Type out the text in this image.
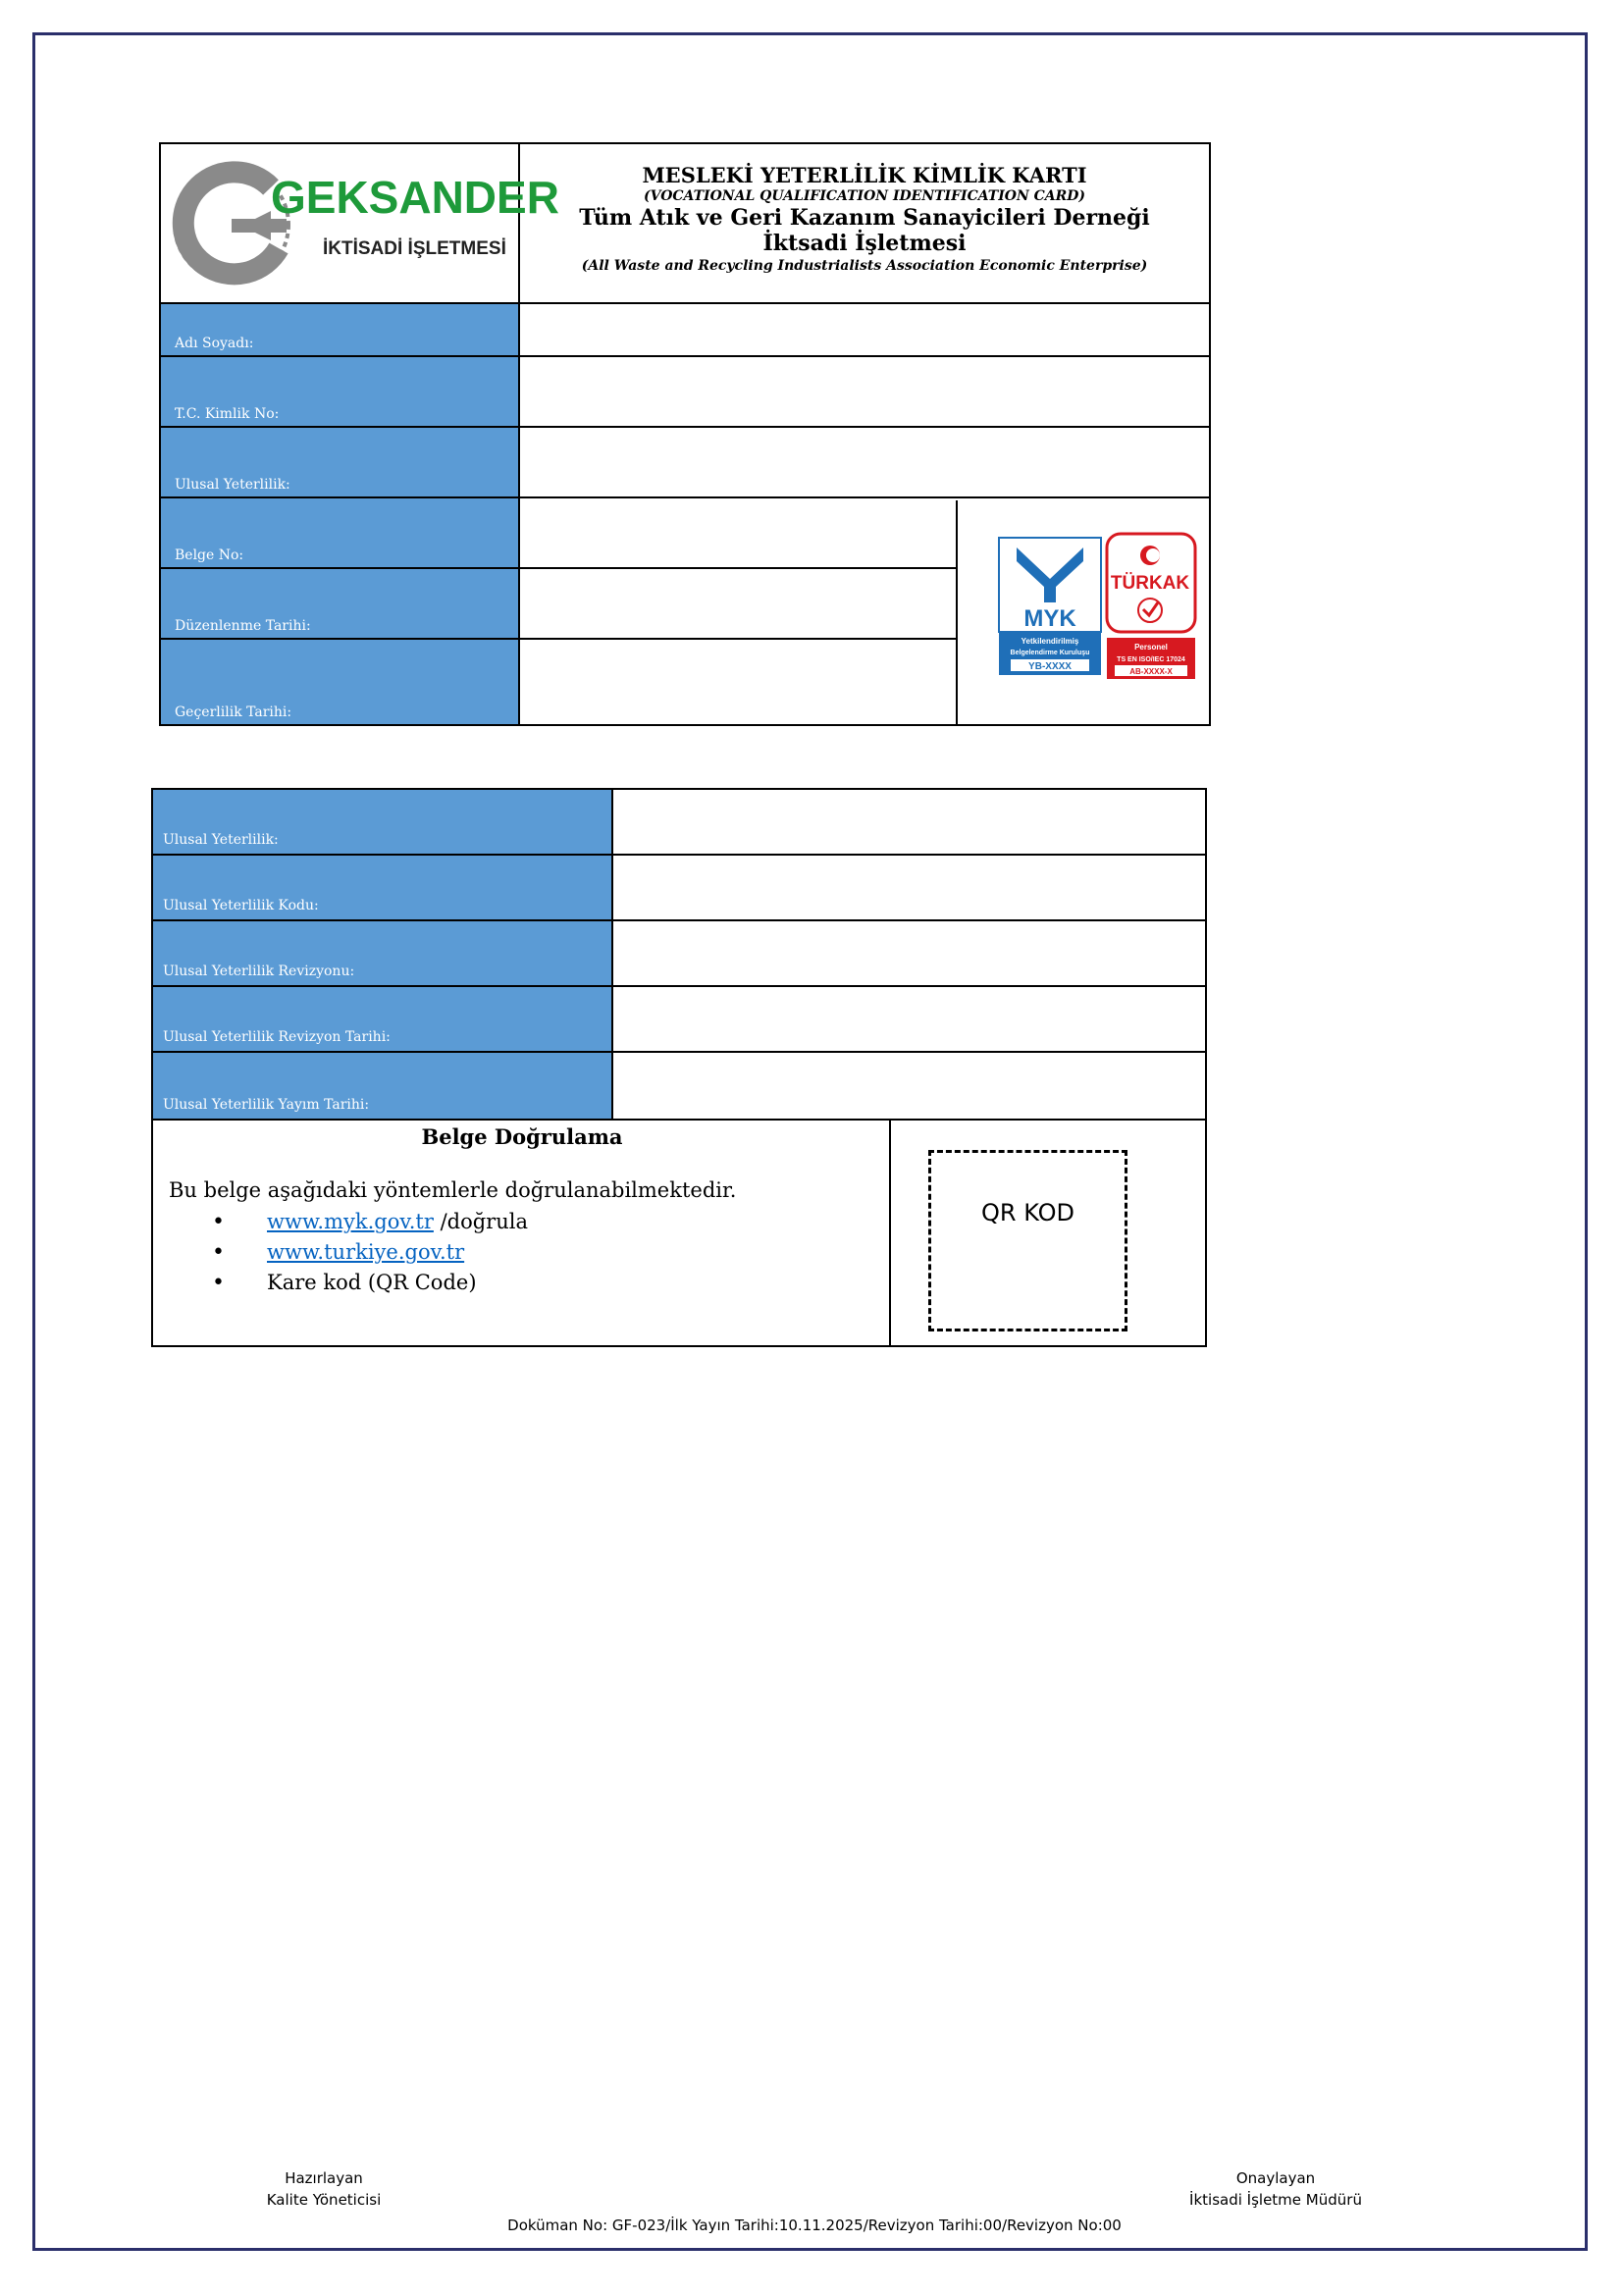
GEKSANDER
İKTİSADİ İŞLETMESİ
MESLEKİ YETERLİLİK KİMLİK KARTI
(VOCATIONAL QUALIFICATION IDENTIFICATION CARD)
Tüm Atık ve Geri Kazanım Sanayicileri Derneği İktsadi İşletmesi
(All Waste and Recycling Industrialists Association Economic Enterprise)
Adı Soyadı:
T.C. Kimlik No:
Ulusal Yeterlilik:
Belge No:
Düzenlenme Tarihi:
Geçerlilik Tarihi:
MYK
Yetkilendirilmiş
Belgelendirme Kuruluşu
YB-XXXX
TÜRKAK
Personel
TS EN ISO/IEC 17024
AB-XXXX-X
Ulusal Yeterlilik:
Ulusal Yeterlilik Kodu:
Ulusal Yeterlilik Revizyonu:
Ulusal Yeterlilik Revizyon Tarihi:
Ulusal Yeterlilik Yayım Tarihi:
Belge Doğrulama
Bu belge aşağıdaki yöntemlerle doğrulanabilmektedir.
• www.myk.gov.tr /doğrula
• www.turkiye.gov.tr
• Kare kod (QR Code)
QR KOD
Hazırlayan
Kalite Yöneticisi
Onaylayan
İktisadi İşletme Müdürü
Doküman No: GF-023/İlk Yayın Tarihi:10.11.2025/Revizyon Tarihi:00/Revizyon No:00
